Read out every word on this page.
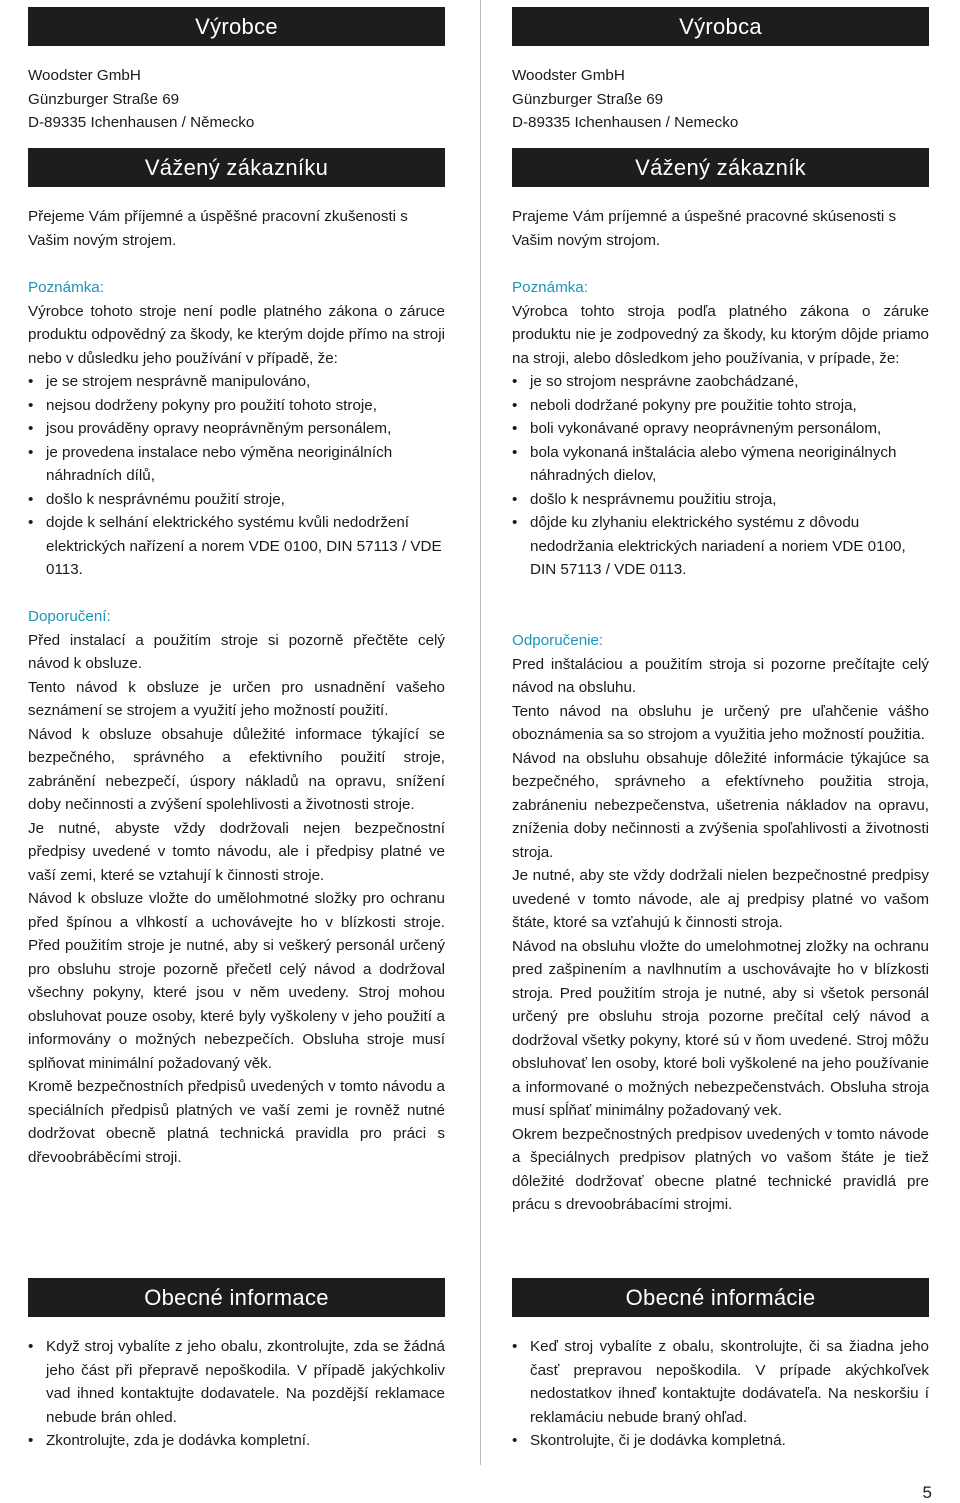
Výrobce

Woodster GmbH

Günzburger Straße 69

D-89335 Ichenhausen / Německo

Vážený zákazníku

Přejeme Vám příjemné a úspěšné pracovní zkušenosti s Vašim novým strojem.

Poznámka:

Výrobce tohoto stroje není podle platného zákona o záruce produktu odpovědný za škody, ke kterým dojde přímo na stroji nebo v důsledku jeho používání v případě, že:

• je se strojem nesprávně manipulováno,
• nejsou dodrženy pokyny pro použití tohoto stroje,
• jsou prováděny opravy neoprávněným personálem,
• je provedena instalace nebo výměna neoriginálních náhradních dílů,
• došlo k nesprávnému použití stroje,
• dojde k selhání elektrického systému kvůli nedodržení elektrických nařízení a norem VDE 0100, DIN 57113 / VDE 0113.
Doporučení:

Před instalací a použitím stroje si pozorně přečtěte celý návod k obsluze.

Tento návod k obsluze je určen pro usnadnění vašeho seznámení se strojem a využití jeho možností použití.

Návod k obsluze obsahuje důležité informace týkající se bezpečného, správného a efektivního použití stroje, zabránění nebezpečí, úspory nákladů na opravu, snížení doby nečinnosti a zvýšení spolehlivosti a životnosti stroje.

Je nutné, abyste vždy dodržovali nejen bezpečnostní předpisy uvedené v tomto návodu, ale i předpisy platné ve vaší zemi, které se vztahují k činnosti stroje.

Návod k obsluze vložte do umělohmotné složky pro ochranu před špínou a vlhkostí a uchovávejte ho v blízkosti stroje. Před použitím stroje je nutné, aby si veškerý personál určený pro obsluhu stroje pozorně přečetl celý návod a dodržoval všechny pokyny, které jsou v něm uvedeny. Stroj mohou obsluhovat pouze osoby, které byly vyškoleny v jeho použití a informovány o možných nebezpečích. Obsluha stroje musí splňovat minimální požadovaný věk.

Kromě bezpečnostních předpisů uvedených v tomto návodu a speciálních předpisů platných ve vaší zemi je rovněž nutné dodržovat obecně platná technická pravidla pro práci s dřevoobráběcími stroji.

Obecné informace
• Když stroj vybalíte z jeho obalu, zkontrolujte, zda se žádná jeho část při přepravě nepoškodila. V případě jakýchkoliv vad ihned kontaktujte dodavatele. Na pozdější reklamace nebude brán ohled.
• Zkontrolujte, zda je dodávka kompletní.
Výrobca

Woodster GmbH

Günzburger Straße 69

D-89335 Ichenhausen / Nemecko

Vážený zákazník

Prajeme Vám príjemné a úspešné pracovné skúsenosti s Vašim novým strojom.

Poznámka:

Výrobca tohto stroja podľa platného zákona o záruke produktu nie je zodpovedný za škody, ku ktorým dôjde priamo na stroji, alebo dôsledkom jeho používania, v prípade, že:

• je so strojom nesprávne zaobchádzané,
• neboli dodržané pokyny pre použitie tohto stroja,
• boli vykonávané opravy neoprávneným personálom,
• bola vykonaná inštalácia alebo výmena neoriginálnych náhradných dielov,
• došlo k nesprávnemu použitiu stroja,
• dôjde ku zlyhaniu elektrického systému z dôvodu nedodržania elektrických nariadení a noriem VDE 0100, DIN 57113 / VDE 0113.
Odporučenie:

Pred inštaláciou a použitím stroja si pozorne prečítajte celý návod na obsluhu.

Tento návod na obsluhu je určený pre uľahčenie vášho oboznámenia sa so strojom a využitia jeho možností použitia.

Návod na obsluhu obsahuje dôležité informácie týkajúce sa bezpečného, správneho a efektívneho použitia stroja, zabráneniu nebezpečenstva, ušetrenia nákladov na opravu, zníženia doby nečinnosti a zvýšenia spoľahlivosti a životnosti stroja.

Je nutné, aby ste vždy dodržali nielen bezpečnostné predpisy uvedené v tomto návode, ale aj predpisy platné vo vašom štáte, ktoré sa vzťahujú k činnosti stroja.

Návod na obsluhu vložte do umelohmotnej zložky na ochranu pred zašpinením a navlhnutím a uschovávajte ho v blízkosti stroja. Pred použitím stroja je nutné, aby si všetok personál určený pre obsluhu stroja pozorne prečítal celý návod a dodržoval všetky pokyny, ktoré sú v ňom uvedené. Stroj môžu obsluhovať len osoby, ktoré boli vyškolené na jeho používanie a informované o možných nebezpečenstvách. Obsluha stroja musí spĺňať minimálny požadovaný vek.

Okrem bezpečnostných predpisov uvedených v tomto návode a špeciálnych predpisov platných vo vašom štáte je tiež dôležité dodržovať obecne platné technické pravidlá pre prácu s drevoobrábacími strojmi.

Obecné informácie
• Keď stroj vybalíte z obalu, skontrolujte, či sa žiadna jeho časť prepravou nepoškodila. V prípade akýchkoľvek nedostatkov ihneď kontaktujte dodávateľa. Na neskoršiu í reklamáciu nebude braný ohľad.
• Skontrolujte, či je dodávka kompletná.
5
